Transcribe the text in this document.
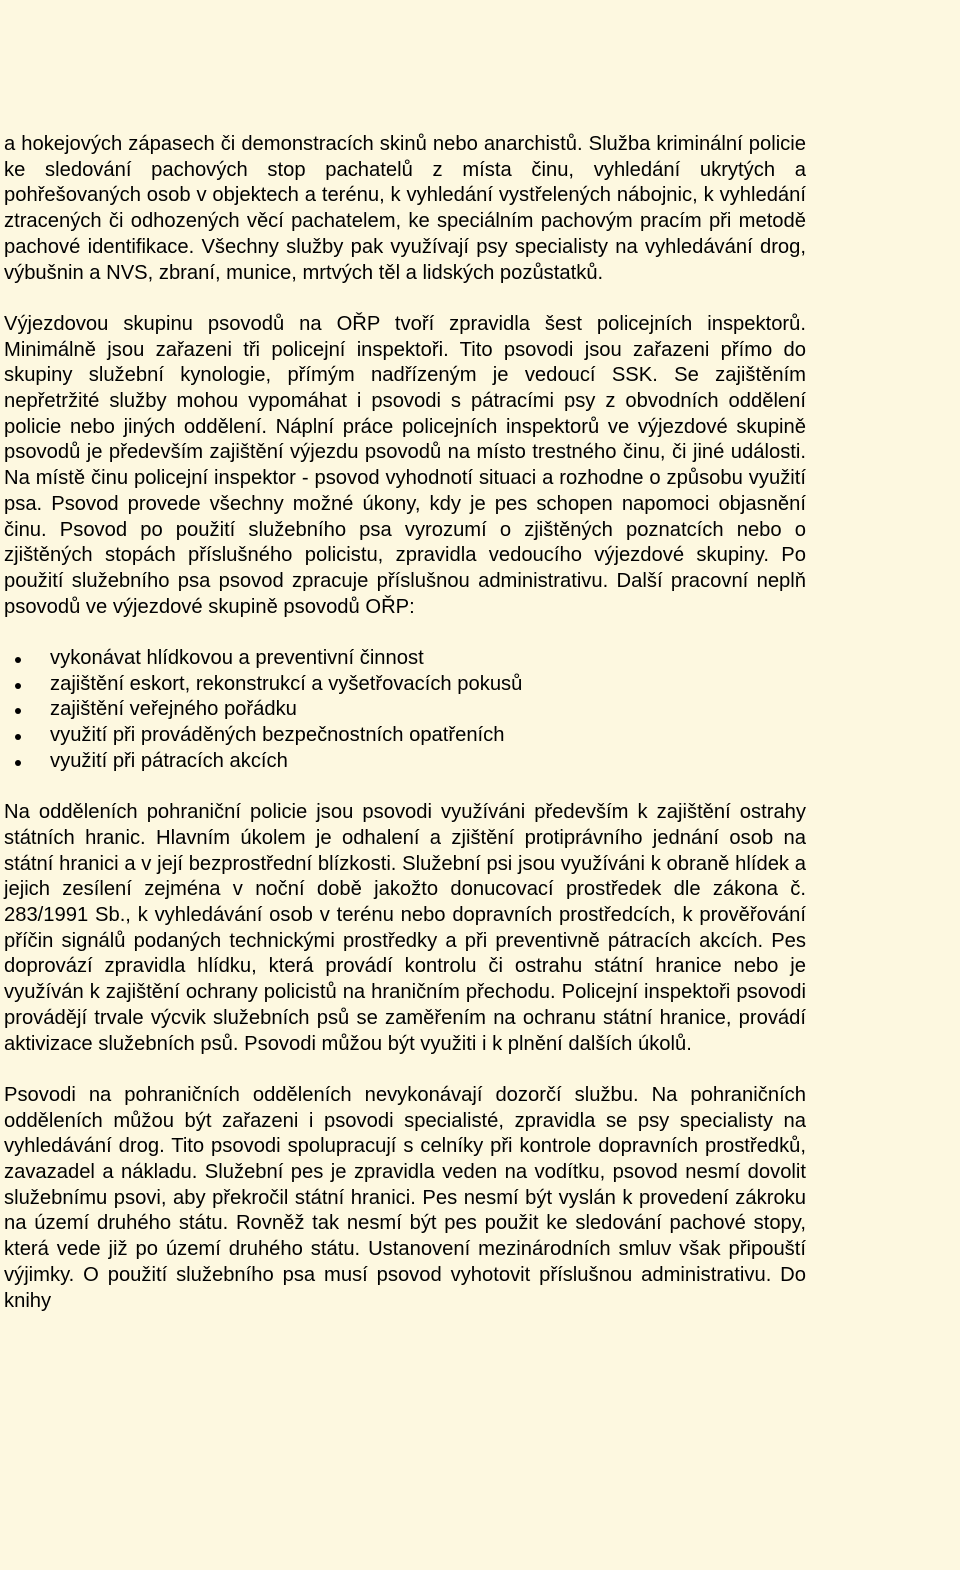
a hokejových zápasech či demonstracích skinů nebo anarchistů. Služba kriminální policie ke sledování pachových stop pachatelů z místa činu, vyhledání ukrytých a pohřešovaných osob v objektech a terénu, k vyhledání vystřelených nábojnic, k vyhledání ztracených či odhozených věcí pachatelem, ke speciálním pachovým pracím při metodě pachové identifikace. Všechny služby pak využívají psy specialisty na vyhledávání drog, výbušnin a NVS, zbraní, munice, mrtvých těl a lidských pozůstatků.

Výjezdovou skupinu psovodů na OŘP tvoří zpravidla šest policejních inspektorů. Minimálně jsou zařazeni tři policejní inspektoři. Tito psovodi jsou zařazeni přímo do skupiny služební kynologie, přímým nadřízeným je vedoucí SSK. Se zajištěním nepřetržité služby mohou vypomáhat i psovodi s pátracími psy z obvodních oddělení policie nebo jiných oddělení. Náplní práce policejních inspektorů ve výjezdové skupině psovodů je především zajištění výjezdu psovodů na místo trestného činu, či jiné události. Na místě činu policejní inspektor - psovod vyhodnotí situaci a rozhodne o způsobu využití psa. Psovod provede všechny možné úkony, kdy je pes schopen napomoci objasnění činu. Psovod po použití služebního psa vyrozumí o zjištěných poznatcích nebo o zjištěných stopách příslušného policistu, zpravidla vedoucího výjezdové skupiny. Po použití služebního psa psovod zpracuje příslušnou administrativu. Další pracovní neplň psovodů ve výjezdové skupině psovodů OŘP:

vykonávat hlídkovou a preventivní činnost
zajištění eskort, rekonstrukcí a vyšetřovacích pokusů
zajištění veřejného pořádku
využití při prováděných bezpečnostních opatřeních
využití při pátracích akcích

Na odděleních pohraniční policie jsou psovodi využíváni především k zajištění ostrahy státních hranic. Hlavním úkolem je odhalení a zjištění protiprávního jednání osob na státní hranici a v její bezprostřední blízkosti. Služební psi jsou využíváni k obraně hlídek a jejich zesílení zejména v noční době jakožto donucovací prostředek dle zákona č. 283/1991 Sb., k vyhledávání osob v terénu nebo dopravních prostředcích, k prověřování příčin signálů podaných technickými prostředky a při preventivně pátracích akcích. Pes doprovází zpravidla hlídku, která provádí kontrolu či ostrahu státní hranice nebo je využíván k zajištění ochrany policistů na hraničním přechodu. Policejní inspektoři psovodi provádějí trvale výcvik služebních psů se zaměřením na ochranu státní hranice, provádí aktivizace služebních psů. Psovodi můžou být využiti i k plnění dalších úkolů.

Psovodi na pohraničních odděleních nevykonávají dozorčí službu. Na pohraničních odděleních můžou být zařazeni i psovodi specialisté, zpravidla se psy specialisty na vyhledávání drog. Tito psovodi spolupracují s celníky při kontrole dopravních prostředků, zavazadel a nákladu. Služební pes je zpravidla veden na vodítku, psovod nesmí dovolit služebnímu psovi, aby překročil státní hranici. Pes nesmí být vyslán k provedení zákroku na území druhého státu. Rovněž tak nesmí být pes použit ke sledování pachové stopy, která vede již po území druhého státu. Ustanovení mezinárodních smluv však připouští výjimky. O použití služebního psa musí psovod vyhotovit příslušnou administrativu. Do knihy
